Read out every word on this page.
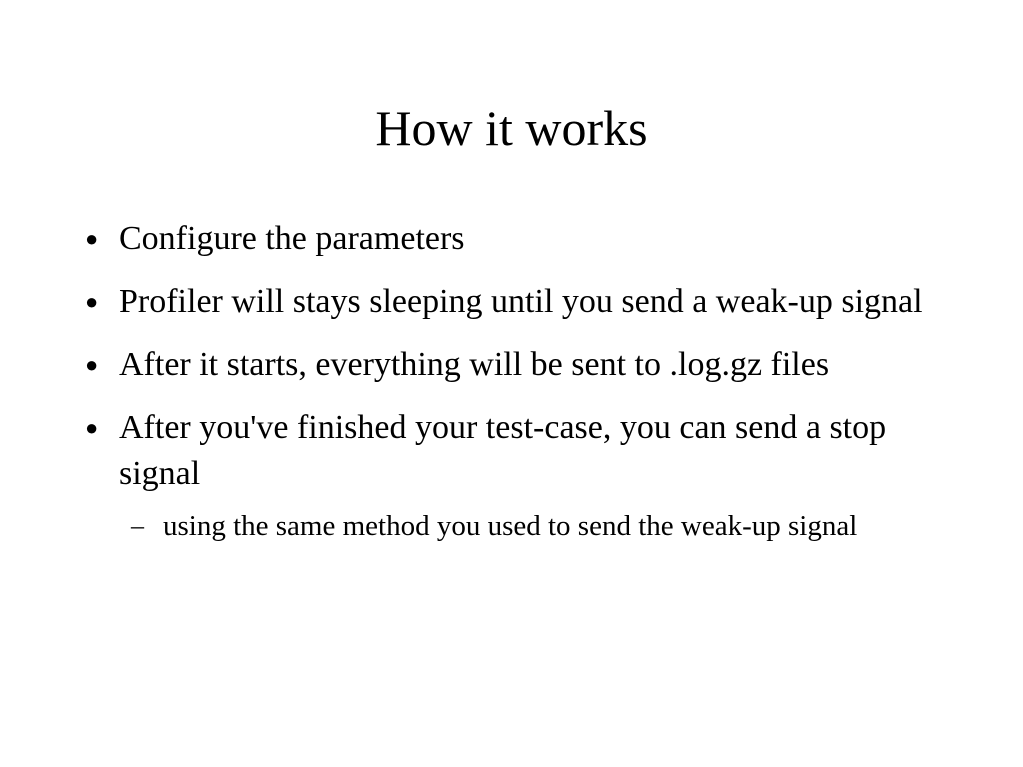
How it works
● Configure the parameters
● Profiler will stays sleeping until you send a weak-up signal
● After it starts, everything will be sent to .log.gz files
● After you've finished your test-case, you can send a stop signal
– using the same method you used to send the weak-up signal
